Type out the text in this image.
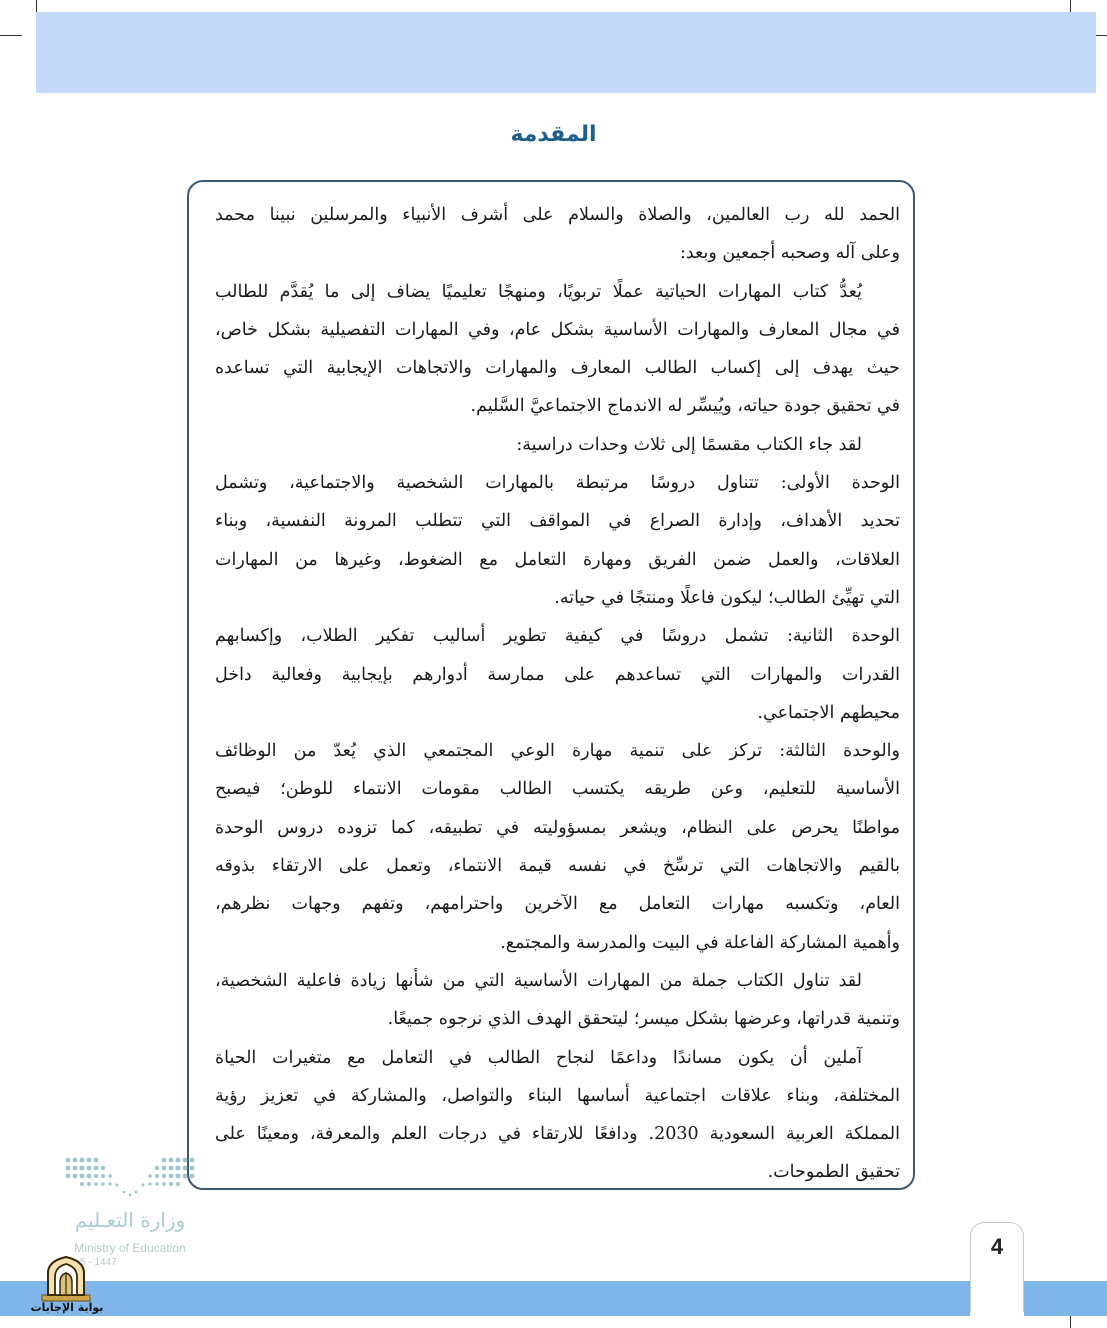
المقدمة
الحمد لله رب العالمين، والصلاة والسلام على أشرف الأنبياء والمرسلين نبينا محمد
وعلى آله وصحبه أجمعين وبعد:
يُعدُّ كتاب المهارات الحياتية عملًا تربويًا، ومنهجًا تعليميًا يضاف إلى ما يُقدَّم للطالب
في مجال المعارف والمهارات الأساسية بشكل عام، وفي المهارات التفصيلية بشكل خاص،
حيث يهدف إلى إكساب الطالب المعارف والمهارات والاتجاهات الإيجابية التي تساعده
في تحقيق جودة حياته، ويُيسِّر له الاندماج الاجتماعيَّ السَّليم.
لقد جاء الكتاب مقسمًا إلى ثلاث وحدات دراسية:
الوحدة الأولى: تتناول دروسًا مرتبطة بالمهارات الشخصية والاجتماعية، وتشمل
تحديد الأهداف، وإدارة الصراع في المواقف التي تتطلب المرونة النفسية، وبناء
العلاقات، والعمل ضمن الفريق ومهارة التعامل مع الضغوط، وغيرها من المهارات
التي تهيِّئ الطالب؛ ليكون فاعلًا ومنتجًا في حياته.
الوحدة الثانية: تشمل دروسًا في كيفية تطوير أساليب تفكير الطلاب، وإكسابهم
القدرات والمهارات التي تساعدهم على ممارسة أدوارهم بإيجابية وفعالية داخل
محيطهم الاجتماعي.
والوحدة الثالثة: تركز على تنمية مهارة الوعي المجتمعي الذي يُعدّ من الوظائف
الأساسية للتعليم، وعن طريقه يكتسب الطالب مقومات الانتماء للوطن؛ فيصبح
مواطنًا يحرص على النظام، ويشعر بمسؤوليته في تطبيقه، كما تزوده دروس الوحدة
بالقيم والاتجاهات التي ترسِّخ في نفسه قيمة الانتماء، وتعمل على الارتقاء بذوقه
العام، وتكسبه مهارات التعامل مع الآخرين واحترامهم، وتفهم وجهات نظرهم،
وأهمية المشاركة الفاعلة في البيت والمدرسة والمجتمع.
لقد تناول الكتاب جملة من المهارات الأساسية التي من شأنها زيادة فاعلية الشخصية،
وتنمية قدراتها، وعرضها بشكل ميسر؛ ليتحقق الهدف الذي نرجوه جميعًا.
آملين أن يكون مساندًا وداعمًا لنجاح الطالب في التعامل مع متغيرات الحياة
المختلفة، وبناء علاقات اجتماعية أساسها البناء والتواصل، والمشاركة في تعزيز رؤية
المملكة العربية السعودية 2030. ودافعًا للارتقاء في درجات العلم والمعرفة، ومعينًا على
تحقيق الطموحات.
وزارة التعـليم
Ministry of Education
5 - 1447
4
بوابة الإجابات
